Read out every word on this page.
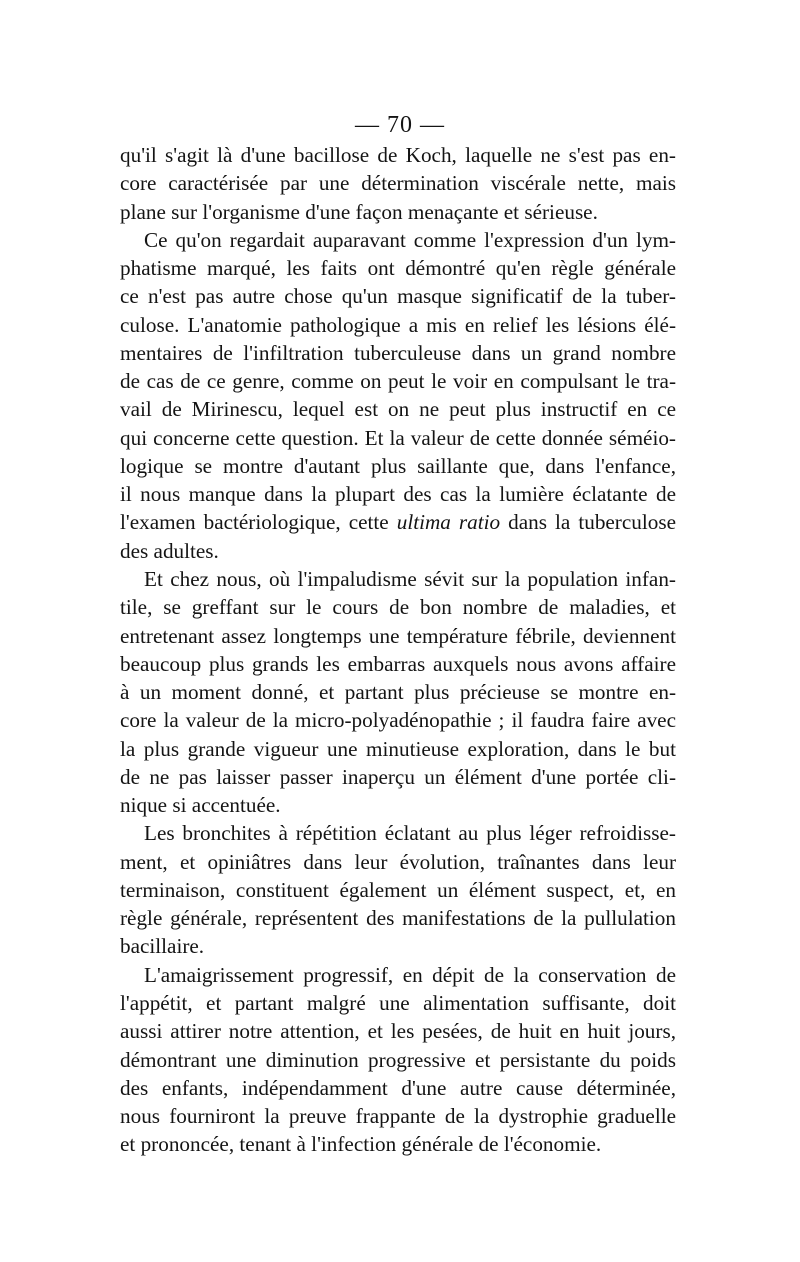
— 70 —
qu'il s'agit là d'une bacillose de Koch, laquelle ne s'est pas en-
core caractérisée par une détermination viscérale nette, mais
plane sur l'organisme d'une façon menaçante et sérieuse.
Ce qu'on regardait auparavant comme l'expression d'un lym-
phatisme marqué, les faits ont démontré qu'en règle générale
ce n'est pas autre chose qu'un masque significatif de la tuber-
culose. L'anatomie pathologique a mis en relief les lésions élé-
mentaires de l'infiltration tuberculeuse dans un grand nombre
de cas de ce genre, comme on peut le voir en compulsant le tra-
vail de Mirinescu, lequel est on ne peut plus instructif en ce
qui concerne cette question. Et la valeur de cette donnée séméio-
logique se montre d'autant plus saillante que, dans l'enfance,
il nous manque dans la plupart des cas la lumière éclatante de
l'examen bactériologique, cette ultima ratio dans la tuberculose
des adultes.
Et chez nous, où l'impaludisme sévit sur la population infan-
tile, se greffant sur le cours de bon nombre de maladies, et
entretenant assez longtemps une température fébrile, deviennent
beaucoup plus grands les embarras auxquels nous avons affaire
à un moment donné, et partant plus précieuse se montre en-
core la valeur de la micro-polyadénopathie ; il faudra faire avec
la plus grande vigueur une minutieuse exploration, dans le but
de ne pas laisser passer inaperçu un élément d'une portée cli-
nique si accentuée.
Les bronchites à répétition éclatant au plus léger refroidisse-
ment, et opiniâtres dans leur évolution, traînantes dans leur
terminaison, constituent également un élément suspect, et, en
règle générale, représentent des manifestations de la pullulation
bacillaire.
L'amaigrissement progressif, en dépit de la conservation de
l'appétit, et partant malgré une alimentation suffisante, doit
aussi attirer notre attention, et les pesées, de huit en huit jours,
démontrant une diminution progressive et persistante du poids
des enfants, indépendamment d'une autre cause déterminée,
nous fourniront la preuve frappante de la dystrophie graduelle
et prononcée, tenant à l'infection générale de l'économie.
